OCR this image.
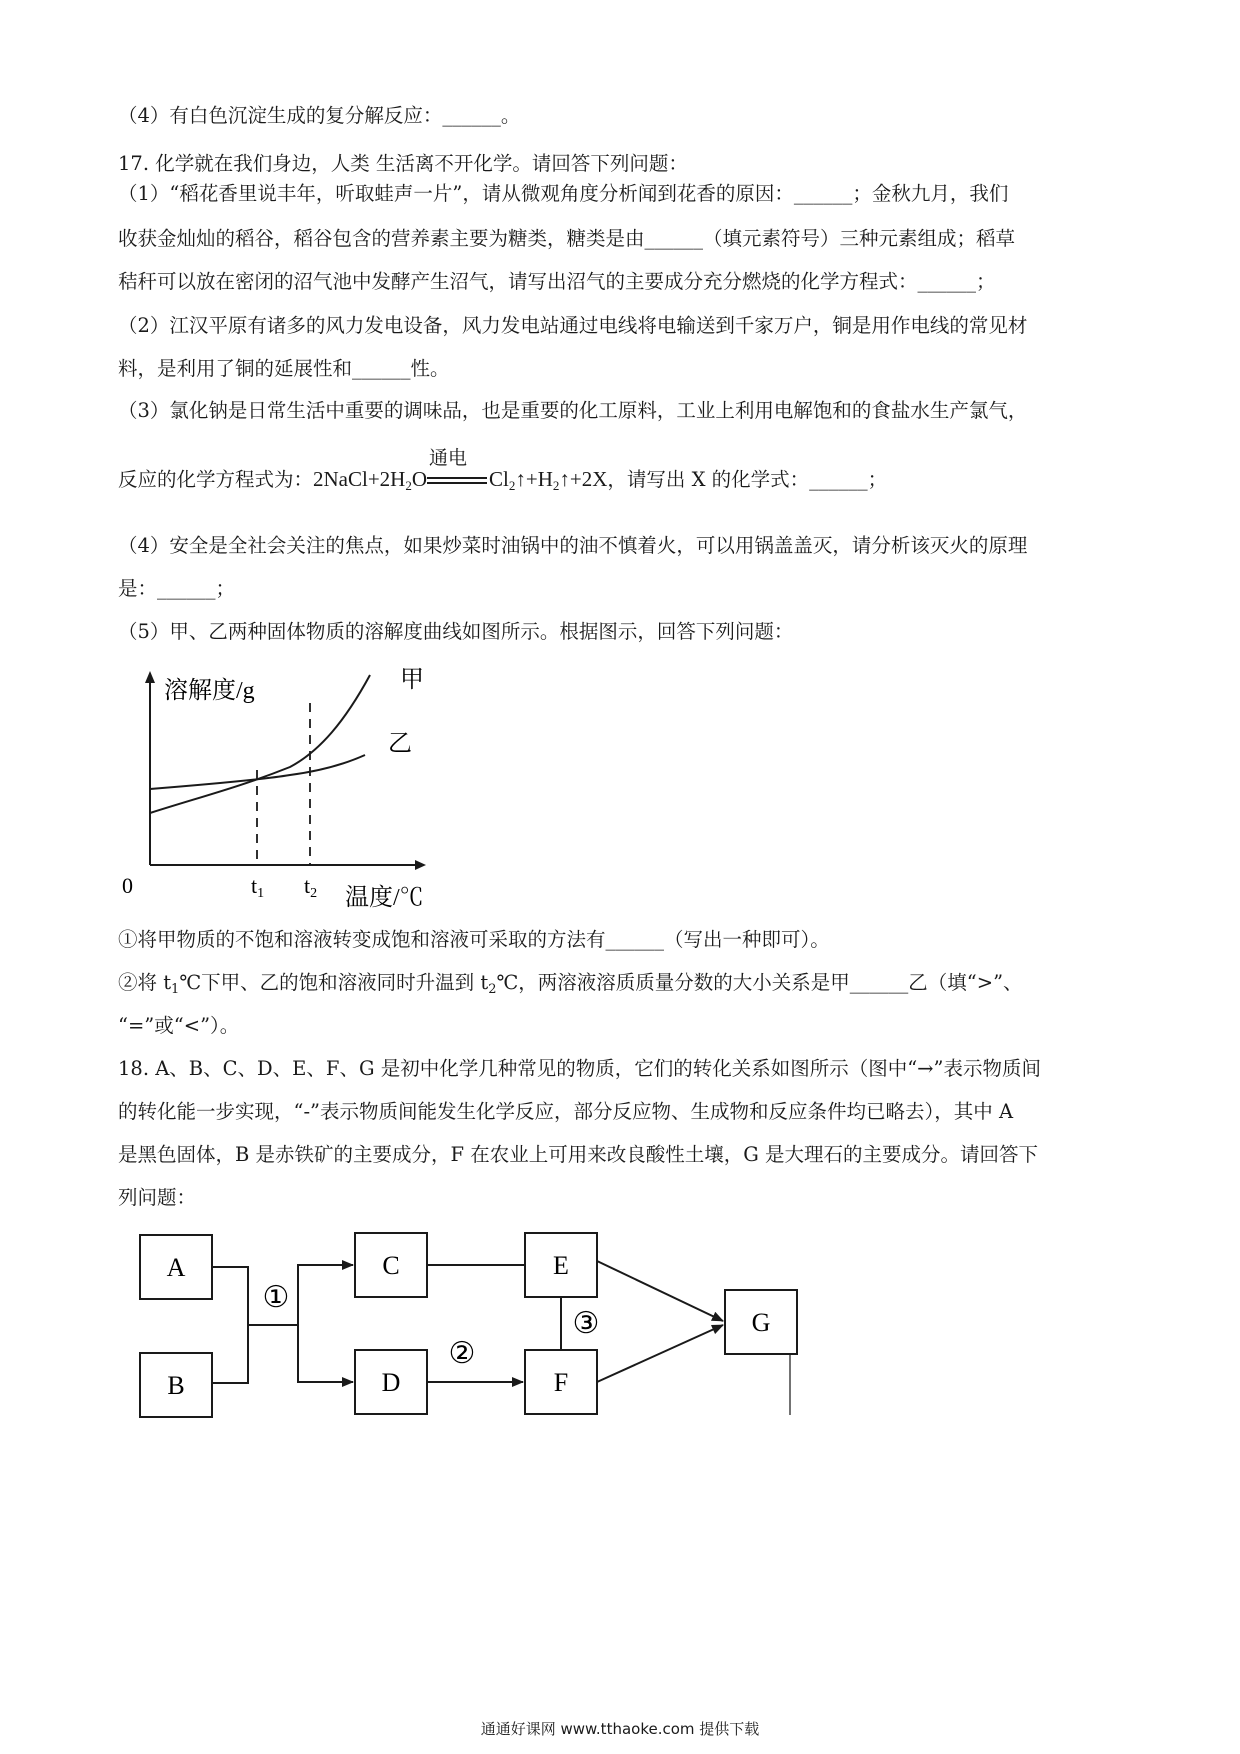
（4）有白色沉淀生成的复分解反应：______。
17. 化学就在我们身边，人类 生活离不开化学。请回答下列问题：
（1）“稻花香里说丰年，听取蛙声一片”，请从微观角度分析闻到花香的原因：______；金秋九月，我们
收获金灿灿的稻谷，稻谷包含的营养素主要为糖类，糖类是由______（填元素符号）三种元素组成；稻草
秸秆可以放在密闭的沼气池中发酵产生沼气，请写出沼气的主要成分充分燃烧的化学方程式：______；
（2）江汉平原有诸多的风力发电设备，风力发电站通过电线将电输送到千家万户，铜是用作电线的常见材
料，是利用了铜的延展性和______性。
（3）氯化钠是日常生活中重要的调味品，也是重要的化工原料，工业上利用电解饱和的食盐水生产氯气，
反应的化学方程式为：$2NaCl+2H_2O$
通电
$Cl_2↑+H_2↑+2X$，请写出 X 的化学式：______；
（4）安全是全社会关注的焦点，如果炒菜时油锅中的油不慎着火，可以用锅盖盖灭，请分析该灭火的原理
是：______；
（5）甲、乙两种固体物质的溶解度曲线如图所示。根据图示，回答下列问题：
溶解度/g	甲
乙
0	t1 t2 温度/℃
①将甲物质的不饱和溶液转变成饱和溶液可采取的方法有______（写出一种即可）。
②将 $t_1℃$下甲、乙的饱和溶液同时升温到 $t_2℃$，两溶液溶质质量分数的大小关系是甲______乙（填“>”、
“=”或“<”）。
18. A、B、C、D、E、F、G 是初中化学几种常见的物质，它们的转化关系如图所示（图中“→”表示物质间
的转化能一步实现，“-”表示物质间能发生化学反应，部分反应物、生成物和反应条件均已略去），其中 A
是黑色固体，B 是赤铁矿的主要成分，F 在农业上可用来改良酸性土壤，G 是大理石的主要成分。请回答下
列问题：
A
B
C
D
E
F
G
①
②
③
通通好课网 www.tthaoke.com 提供下载
